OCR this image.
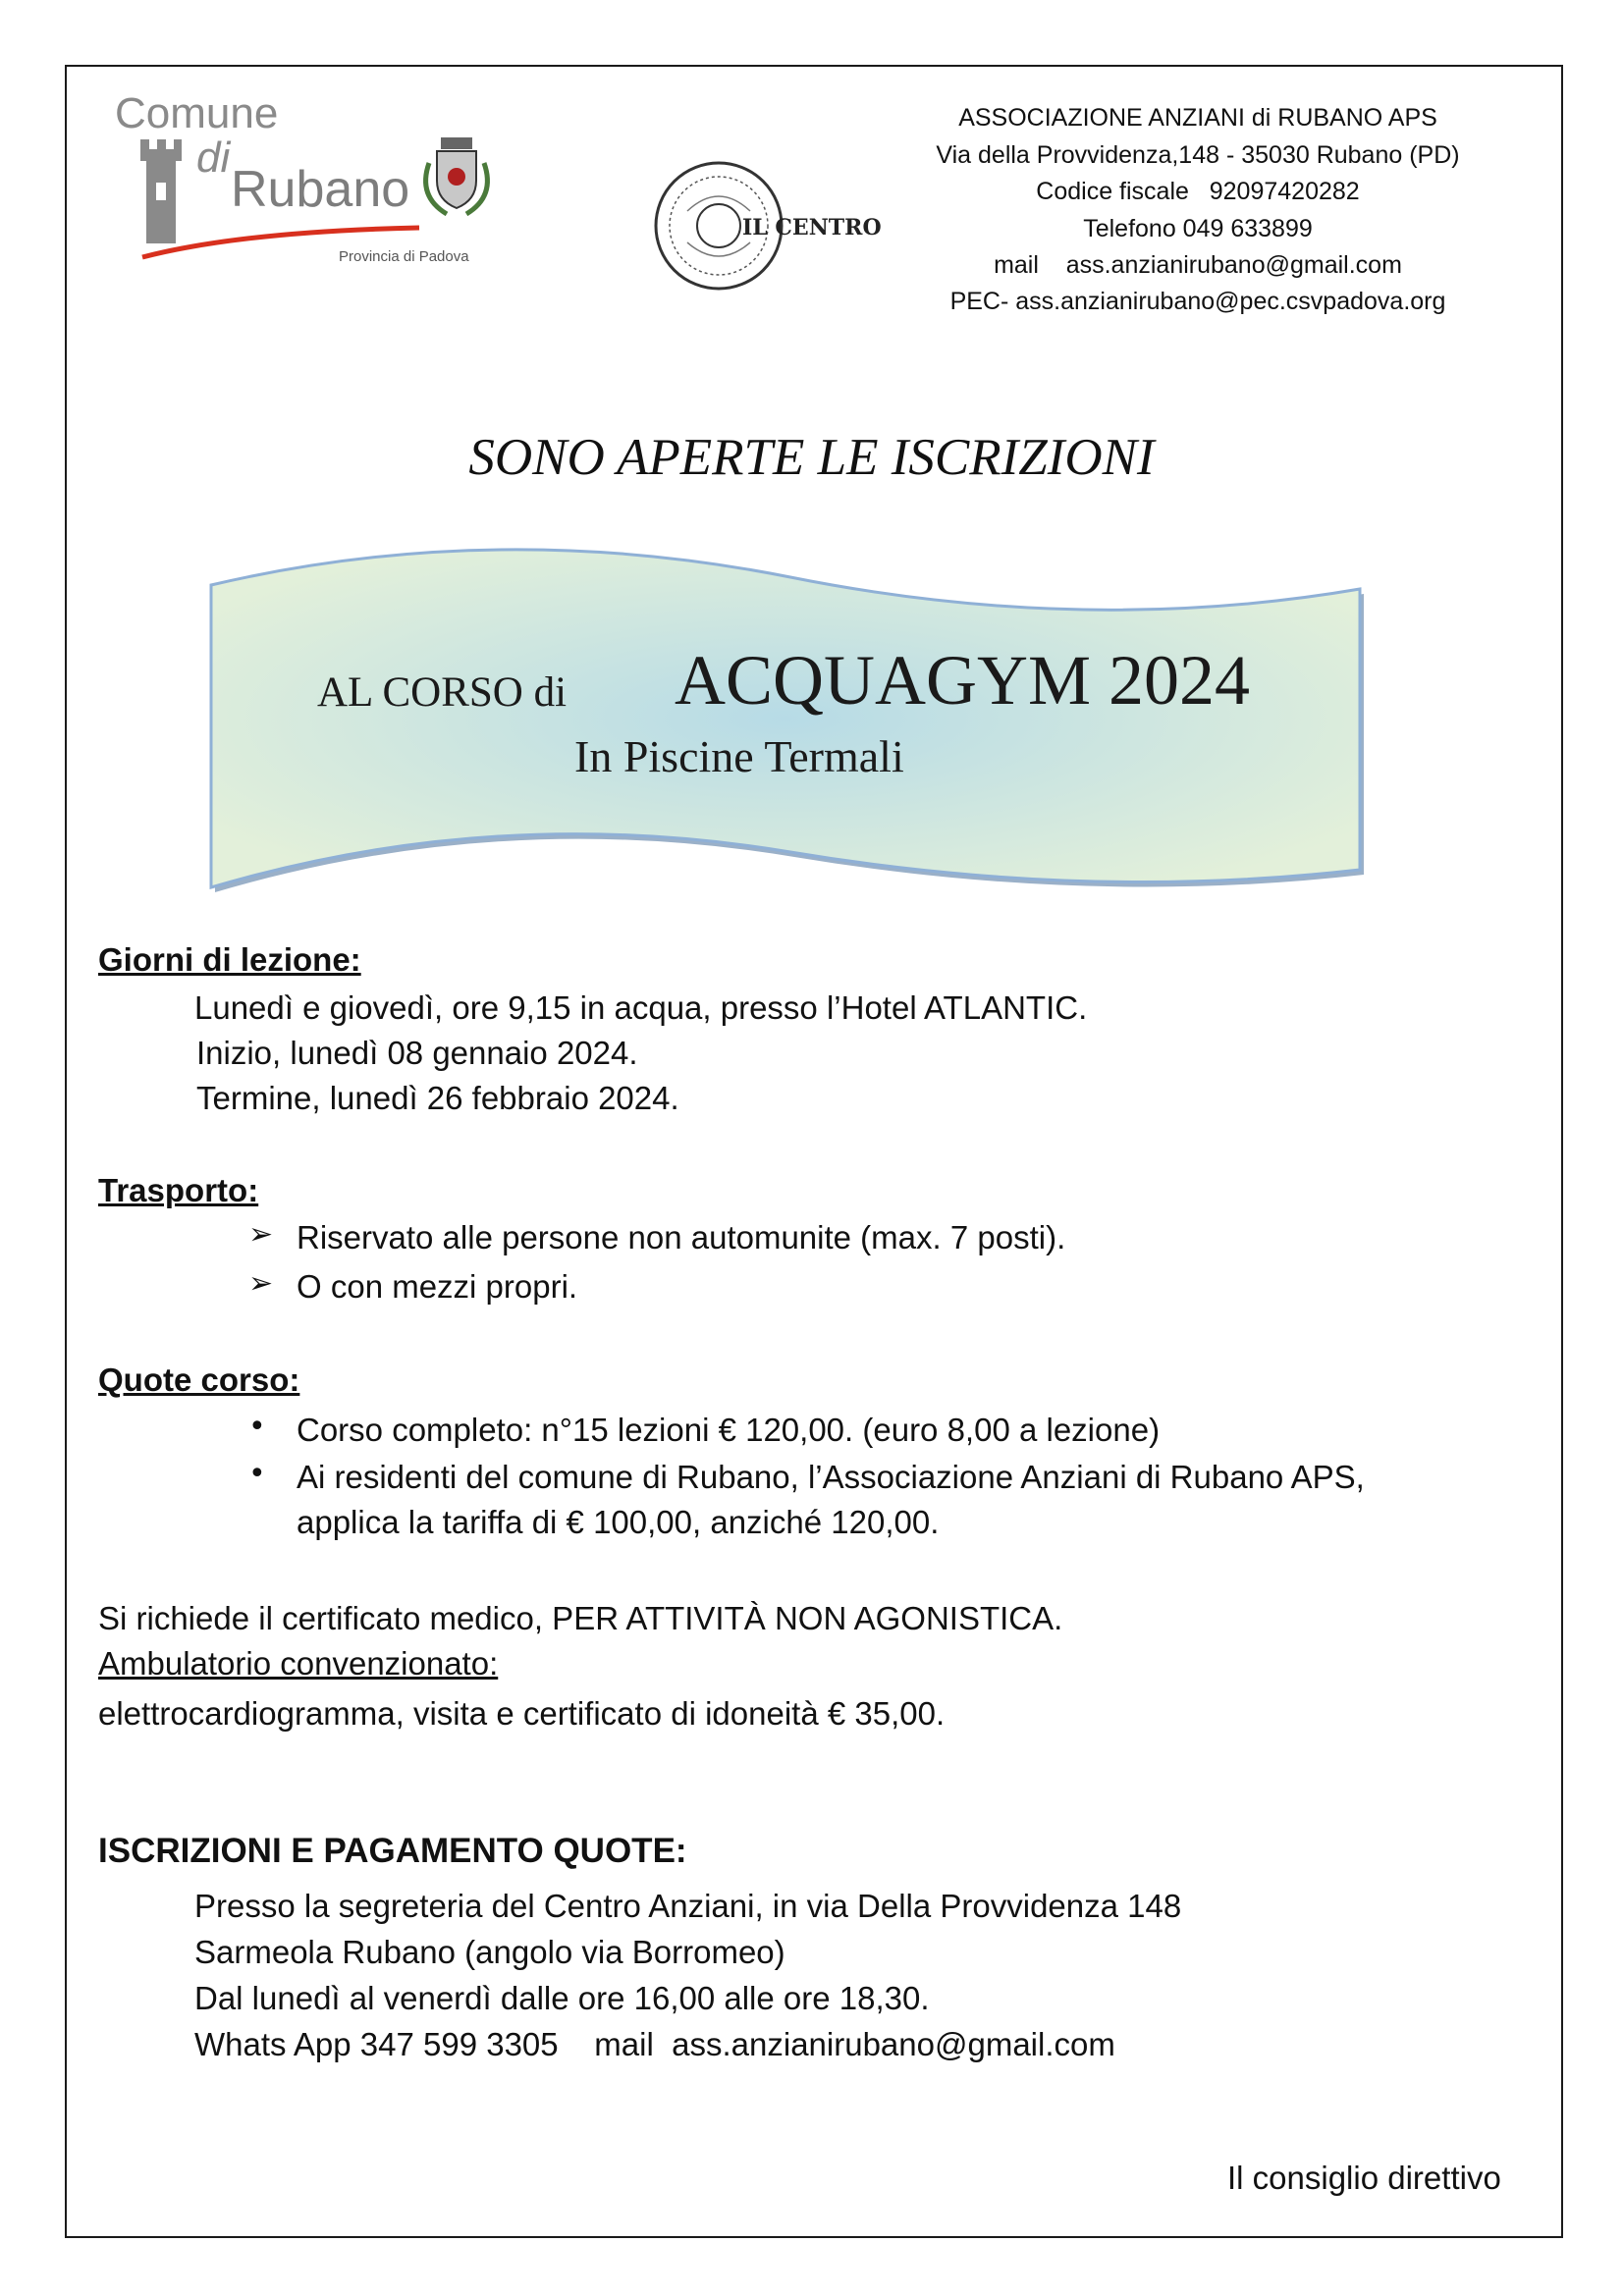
Comune
di
Rubano
Provincia di Padova
IL CENTRO
ASSOCIAZIONE ANZIANI di RUBANO APS
Via della Provvidenza,148 - 35030 Rubano (PD)
Codice fiscale   92097420282
Telefono 049 633899
mail    ass.anzianirubano@gmail.com
PEC- ass.anzianirubano@pec.csvpadova.org
SONO APERTE LE ISCRIZIONI
AL CORSO di ACQUAGYM 2024
In Piscine Termali
Giorni di lezione:
Lunedì e giovedì, ore 9,15 in acqua, presso l’Hotel ATLANTIC.
Inizio, lunedì 08 gennaio 2024.
Termine, lunedì 26 febbraio 2024.
Trasporto:
➢ Riservato alle persone non automunite (max. 7 posti).
➢ O con mezzi propri.
Quote corso:
• Corso completo: n°15 lezioni € 120,00. (euro 8,00 a lezione)
• Ai residenti del comune di Rubano, l’Associazione Anziani di Rubano APS,
applica la tariffa di € 100,00, anziché 120,00.
Si richiede il certificato medico, PER ATTIVITÀ NON AGONISTICA.
Ambulatorio convenzionato:
elettrocardiogramma, visita e certificato di idoneità € 35,00.
ISCRIZIONI E PAGAMENTO QUOTE:
Presso la segreteria del Centro Anziani, in via Della Provvidenza 148
Sarmeola Rubano (angolo via Borromeo)
Dal lunedì al venerdì dalle ore 16,00 alle ore 18,30.
Whats App 347 599 3305    mail  ass.anzianirubano@gmail.com
Il consiglio direttivo
